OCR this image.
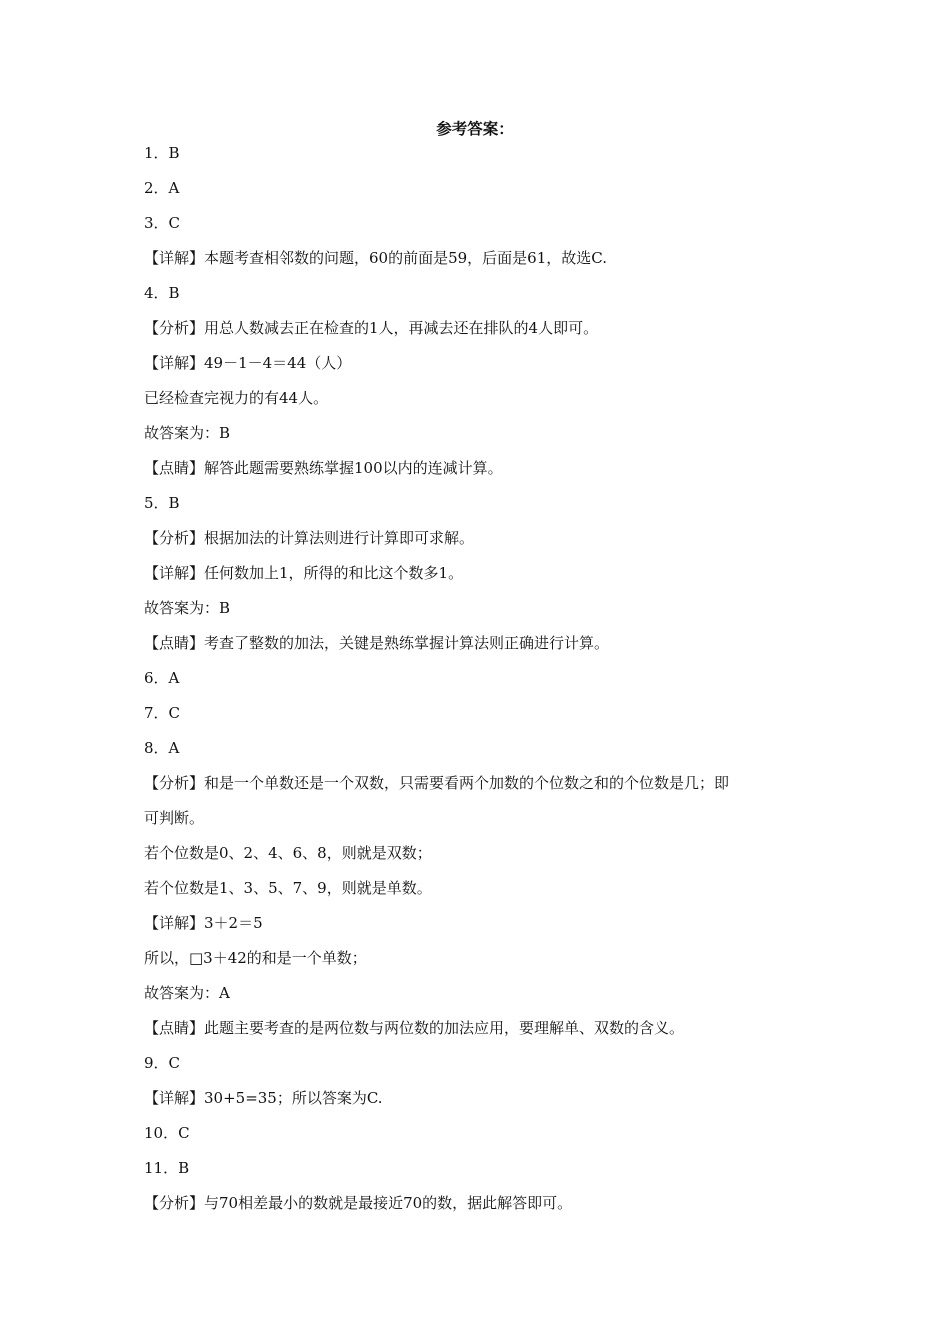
参考答案：
1．B
2．A
3．C
【详解】本题考查相邻数的问题，60的前面是59，后面是61，故选C.
4．B
【分析】用总人数减去正在检查的1人，再减去还在排队的4人即可。
【详解】49－1－4＝44（人）
已经检查完视力的有44人。
故答案为：B
【点睛】解答此题需要熟练掌握100以内的连减计算。
5．B
【分析】根据加法的计算法则进行计算即可求解。
【详解】任何数加上1，所得的和比这个数多1。
故答案为：B
【点睛】考查了整数的加法，关键是熟练掌握计算法则正确进行计算。
6．A
7．C
8．A
【分析】和是一个单数还是一个双数，只需要看两个加数的个位数之和的个位数是几；即
可判断。
若个位数是0、2、4、6、8，则就是双数；
若个位数是1、3、5、7、9，则就是单数。
【详解】3＋2＝5
所以，□3＋42的和是一个单数；
故答案为：A
【点睛】此题主要考查的是两位数与两位数的加法应用，要理解单、双数的含义。
9．C
【详解】30+5=35；所以答案为C.
10．C
11．B
【分析】与70相差最小的数就是最接近70的数，据此解答即可。
